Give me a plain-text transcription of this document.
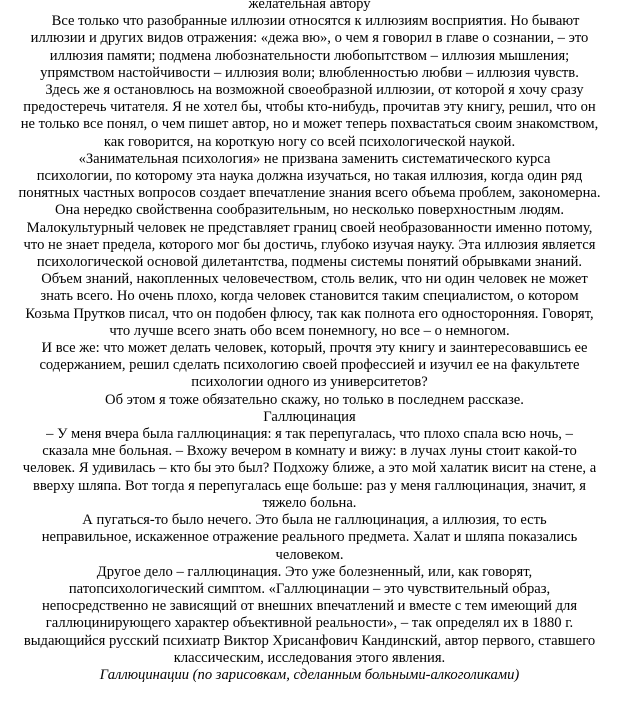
желательная автору
Все только что разобранные иллюзии относятся к иллюзиям восприятия. Но бывают
иллюзии и других видов отражения: «дежа вю», о чем я говорил в главе о сознании, – это
иллюзия памяти; подмена любознательности любопытством – иллюзия мышления;
упрямством настойчивости – иллюзия воли; влюбленностью любви – иллюзия чувств.
Здесь же я остановлюсь на возможной своеобразной иллюзии, от которой я хочу сразу
предостеречь читателя. Я не хотел бы, чтобы кто-нибудь, прочитав эту книгу, решил, что он
не только все понял, о чем пишет автор, но и может теперь похвастаться своим знакомством,
как говорится, на короткую ногу со всей психологической наукой.
«Занимательная психология» не призвана заменить систематического курса
психологии, по которому эта наука должна изучаться, но такая иллюзия, когда один ряд
понятных частных вопросов создает впечатление знания всего объема проблем, закономерна.
Она нередко свойственна сообразительным, но несколько поверхностным людям.
Малокультурный человек не представляет границ своей необразованности именно потому,
что не знает предела, которого мог бы достичь, глубоко изучая науку. Эта иллюзия является
психологической основой дилетантства, подмены системы понятий обрывками знаний.
Объем знаний, накопленных человечеством, столь велик, что ни один человек не может
знать всего. Но очень плохо, когда человек становится таким специалистом, о котором
Козьма Прутков писал, что он подобен флюсу, так как полнота его односторонняя. Говорят,
что лучше всего знать обо всем понемногу, но все – о немногом.
И все же: что может делать человек, который, прочтя эту книгу и заинтересовавшись ее
содержанием, решил сделать психологию своей профессией и изучил ее на факультете
психологии одного из университетов?
Об этом я тоже обязательно скажу, но только в последнем рассказе.
Галлюцинация
– У меня вчера была галлюцинация: я так перепугалась, что плохо спала всю ночь, –
сказала мне больная. – Вхожу вечером в комнату и вижу: в лучах луны стоит какой-то
человек. Я удивилась – кто бы это был? Подхожу ближе, а это мой халатик висит на стене, а
вверху шляпа. Вот тогда я перепугалась еще больше: раз у меня галлюцинация, значит, я
тяжело больна.
А пугаться-то было нечего. Это была не галлюцинация, а иллюзия, то есть
неправильное, искаженное отражение реального предмета. Халат и шляпа показались
человеком.
Другое дело – галлюцинация. Это уже болезненный, или, как говорят,
патопсихологический симптом. «Галлюцинации – это чувствительный образ,
непосредственно не зависящий от внешних впечатлений и вместе с тем имеющий для
галлюцинирующего характер объективной реальности», – так определял их в 1880 г.
выдающийся русский психиатр Виктор Хрисанфович Кандинский, автор первого, ставшего
классическим, исследования этого явления.
Галлюцинации (по зарисовкам, сделанным больными-алкоголиками)
